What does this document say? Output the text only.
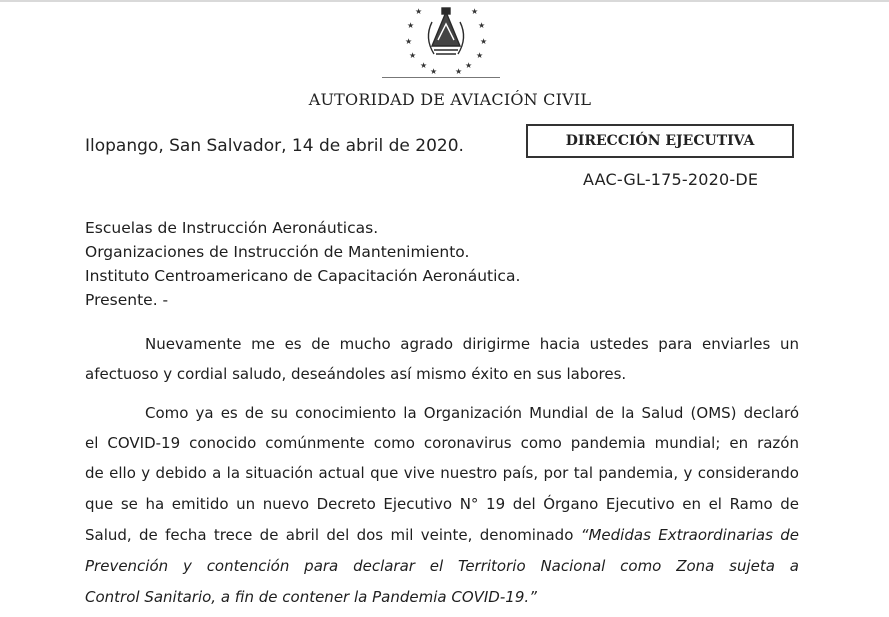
★	★
★	★
★	★
★	★
★	★
★ ★
AUTORIDAD DE AVIACIÓN CIVIL
Ilopango, San Salvador, 14 de abril de 2020.	DIRECCIÓN EJECUTIVA
AAC-GL-175-2020-DE
Escuelas de Instrucción Aeronáuticas.
Organizaciones de Instrucción de Mantenimiento.
Instituto Centroamericano de Capacitación Aeronáutica.
Presente. -
Nuevamente me es de mucho agrado dirigirme hacia ustedes para enviarles un
afectuoso y cordial saludo, deseándoles así mismo éxito en sus labores.
Como ya es de su conocimiento la Organización Mundial de la Salud (OMS) declaró
el COVID-19 conocido comúnmente como coronavirus como pandemia mundial; en razón
de ello y debido a la situación actual que vive nuestro país, por tal pandemia, y considerando
que se ha emitido un nuevo Decreto Ejecutivo N° 19 del Órgano Ejecutivo en el Ramo de
Salud, de fecha trece de abril del dos mil veinte, denominado “Medidas Extraordinarias de
Prevención y contención para declarar el Territorio Nacional como Zona sujeta a
Control Sanitario, a fin de contener la Pandemia COVID-19.”
